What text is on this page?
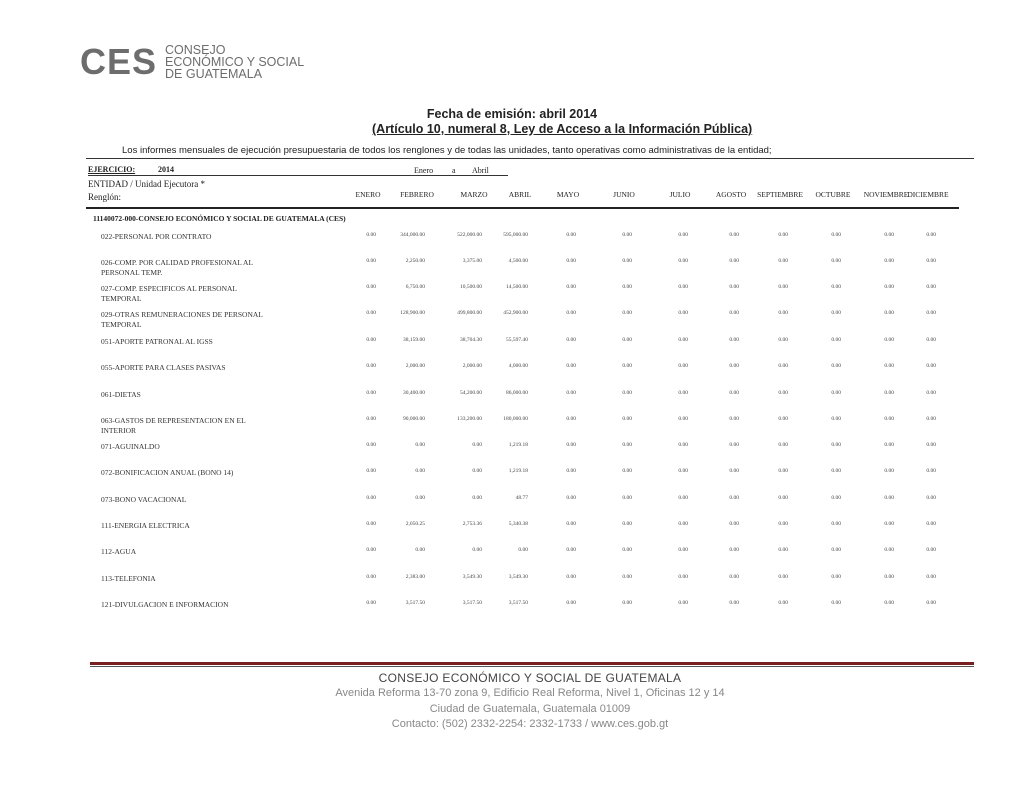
CES CONSEJO
ECONÓMICO Y SOCIAL
DE GUATEMALA
Fecha de emisión: abril 2014
(Artículo 10, numeral 8, Ley de Acceso a la Información Pública)
Los informes mensuales de ejecución presupuestaria de todos los renglones y de todas las unidades, tanto operativas como administrativas de la entidad;
EJERCICIO:	2014	Enero a Abril
ENTIDAD / Unidad Ejecutora *
Renglón:	ENERO	FEBRERO	MARZO	ABRIL	MAYO	JUNIO	JULIO	AGOSTO	SEPTIEMBRE	OCTUBRE	NOVIEMBRE DICIEMBRE
11140072-000-CONSEJO ECONÓMICO Y SOCIAL DE GUATEMALA (CES)
022-PERSONAL POR CONTRATO	0.00	344,000.00	522,000.00	595,000.00	0.00	0.00	0.00	0.00	0.00	0.00	0.00	0.00
026-COMP. POR CALIDAD PROFESIONAL AL
PERSONAL TEMP.
0.00	2,250.00	3,375.00	4,500.00	0.00	0.00	0.00	0.00	0.00	0.00	0.00	0.00
027-COMP. ESPECIFICOS AL PERSONAL
TEMPORAL
0.00	6,750.00	10,500.00	14,500.00	0.00	0.00	0.00	0.00	0.00	0.00	0.00	0.00
029-OTRAS REMUNERACIONES DE PERSONAL
TEMPORAL
0.00	128,900.00	499,800.00	452,900.00	0.00	0.00	0.00	0.00	0.00	0.00	0.00	0.00
051-APORTE PATRONAL AL IGSS	0.00	38,159.00	38,704.30	55,597.40	0.00	0.00	0.00	0.00	0.00	0.00	0.00	0.00
055-APORTE PARA CLASES PASIVAS	0.00	2,000.00	2,000.00	4,000.00	0.00	0.00	0.00	0.00	0.00	0.00	0.00	0.00
061-DIETAS	0.00	30,400.00	54,200.00	86,000.00	0.00	0.00	0.00	0.00	0.00	0.00	0.00	0.00
063-GASTOS DE REPRESENTACION EN EL
INTERIOR
0.00	90,000.00	133,200.00	180,000.00	0.00	0.00	0.00	0.00	0.00	0.00	0.00	0.00
071-AGUINALDO	0.00	0.00	0.00	1,219.18	0.00	0.00	0.00	0.00	0.00	0.00	0.00	0.00
072-BONIFICACION ANUAL (BONO 14)	0.00	0.00	0.00	1,219.18	0.00	0.00	0.00	0.00	0.00	0.00	0.00	0.00
073-BONO VACACIONAL	0.00	0.00	0.00	48.77	0.00	0.00	0.00	0.00	0.00	0.00	0.00	0.00
111-ENERGIA ELECTRICA	0.00	2,050.25	2,753.36	5,340.38	0.00	0.00	0.00	0.00	0.00	0.00	0.00	0.00
112-AGUA	0.00	0.00	0.00	0.00	0.00	0.00	0.00	0.00	0.00	0.00	0.00	0.00
113-TELEFONIA	0.00	2,383.00	3,549.30	3,549.30	0.00	0.00	0.00	0.00	0.00	0.00	0.00	0.00
121-DIVULGACION E INFORMACION	0.00	3,517.50	3,517.50	3,517.50	0.00	0.00	0.00	0.00	0.00	0.00	0.00	0.00
CONSEJO ECONÓMICO Y SOCIAL DE GUATEMALA
Avenida Reforma 13-70 zona 9, Edificio Real Reforma, Nivel 1, Oficinas 12 y 14
Ciudad de Guatemala, Guatemala 01009
Contacto: (502) 2332-2254: 2332-1733 / www.ces.gob.gt
